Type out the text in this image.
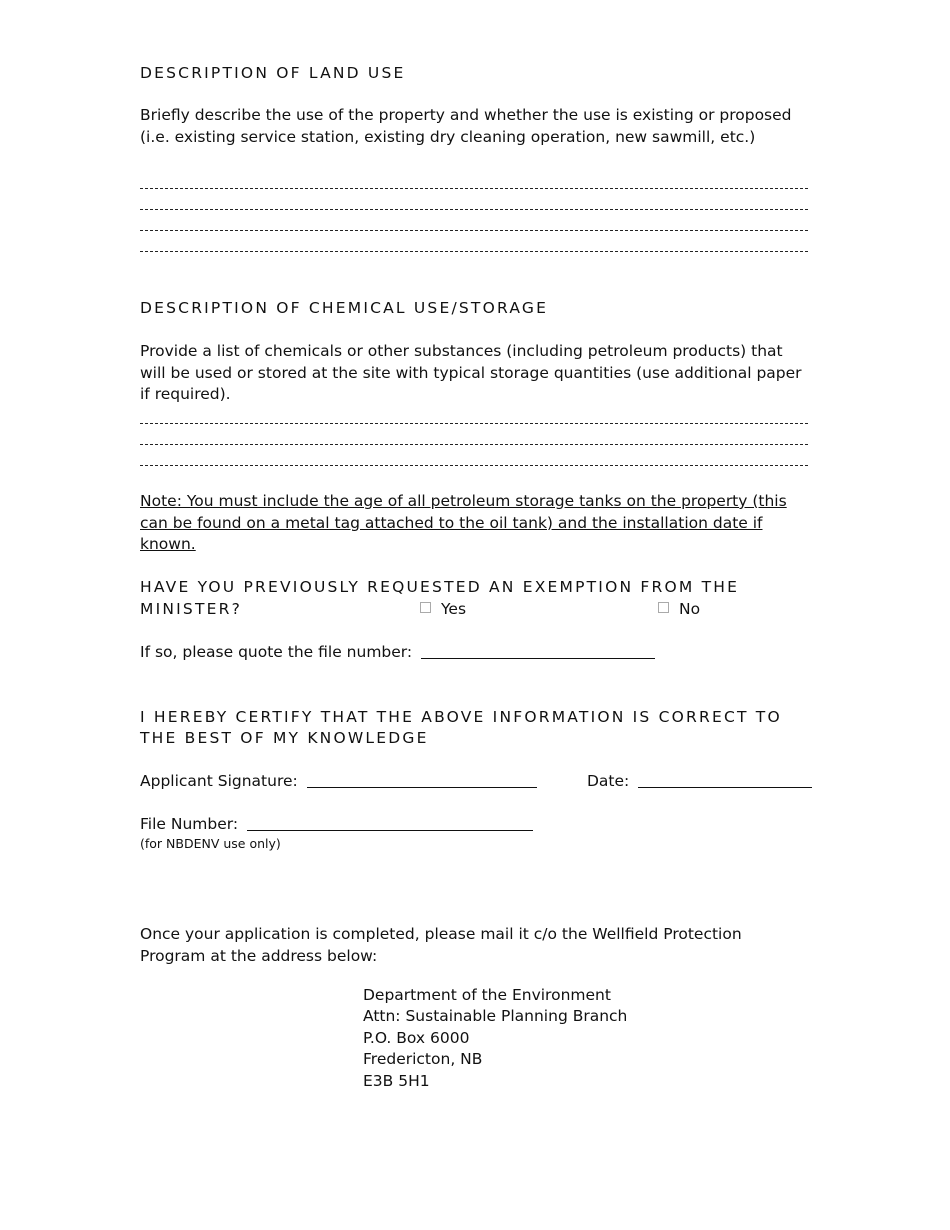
DESCRIPTION OF LAND USE
Briefly describe the use of the property and whether the use is existing or proposed (i.e. existing service station, existing dry cleaning operation, new sawmill, etc.)
DESCRIPTION OF CHEMICAL USE/STORAGE
Provide a list of chemicals or other substances (including petroleum products) that will be used or stored at the site with typical storage quantities (use additional paper if required).
Note: You must include the age of all petroleum storage tanks on the property (this can be found on a metal tag attached to the oil tank) and the installation date if known.
HAVE YOU PREVIOUSLY REQUESTED AN EXEMPTION FROM THE
MINISTER?	Yes	No
If so, please quote the file number:
I HEREBY CERTIFY THAT THE ABOVE INFORMATION IS CORRECT TO
THE BEST OF MY KNOWLEDGE
Applicant Signature:	Date:
File Number:
(for NBDENV use only)
Once your application is completed, please mail it c/o the Wellfield Protection Program at the address below:
Department of the Environment
Attn: Sustainable Planning Branch
P.O. Box 6000
Fredericton, NB
E3B 5H1
